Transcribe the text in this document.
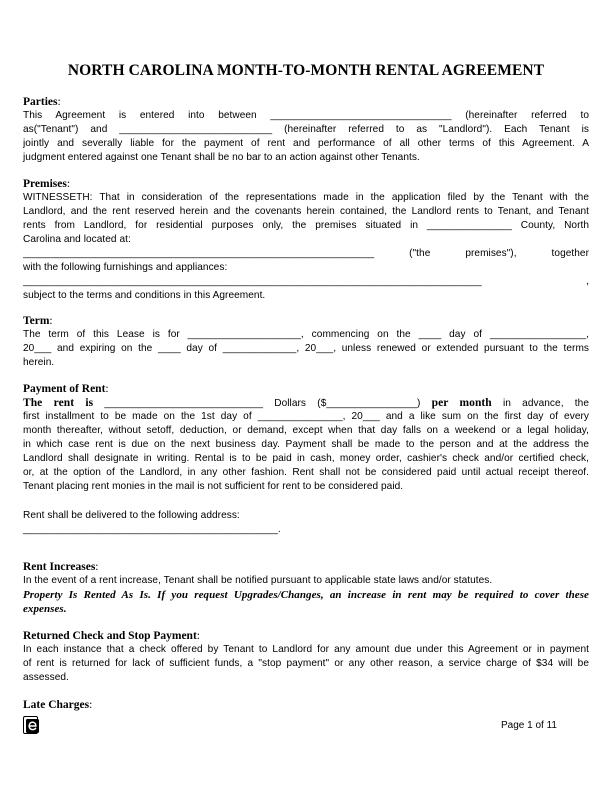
NORTH CAROLINA MONTH-TO-MONTH RENTAL AGREEMENT
Parties:
This Agreement is entered into between ________________________________ (hereinafter referred to
as("Tenant") and ___________________________ (hereinafter referred to as "Landlord"). Each Tenant is
jointly and severally liable for the payment of rent and performance of all other terms of this Agreement. A
judgment entered against one Tenant shall be no bar to an action against other Tenants.
Premises:
WITNESSETH: That in consideration of the representations made in the application filed by the Tenant with the
Landlord, and the rent reserved herein and the covenants herein contained, the Landlord rents to Tenant, and Tenant
rents from Landlord, for residential purposes only, the premises situated in _______________ County, North
Carolina and located at:
______________________________________________________________ ("the premises"), together
with the following furnishings and appliances:
_________________________________________________________________________________ ,
subject to the terms and conditions in this Agreement.
Term:
The term of this Lease is for ____________________, commencing on the ____ day of _________________,
20___ and expiring on the ____ day of _____________, 20___, unless renewed or extended pursuant to the terms
herein.
Payment of Rent:
The rent is ____________________________ Dollars ($________________) per month in advance, the
first installment to be made on the 1st day of _______________, 20___ and a like sum on the first day of every
month thereafter, without setoff, deduction, or demand, except when that day falls on a weekend or a legal holiday,
in which case rent is due on the next business day. Payment shall be made to the person and at the address the
Landlord shall designate in writing. Rental is to be paid in cash, money order, cashier's check and/or certified check,
or, at the option of the Landlord, in any other fashion. Rent shall not be considered paid until actual receipt thereof.
Tenant placing rent monies in the mail is not sufficient for rent to be considered paid.
Rent shall be delivered to the following address:
_____________________________________________.
Rent Increases:
In the event of a rent increase, Tenant shall be notified pursuant to applicable state laws and/or statutes.
Property Is Rented As Is. If you request Upgrades/Changes, an increase in rent may be required to cover these
expenses.
Returned Check and Stop Payment:
In each instance that a check offered by Tenant to Landlord for any amount due under this Agreement or in payment
of rent is returned for lack of sufficient funds, a "stop payment" or any other reason, a service charge of $34 will be
assessed.
Late Charges:
Page 1 of 11
